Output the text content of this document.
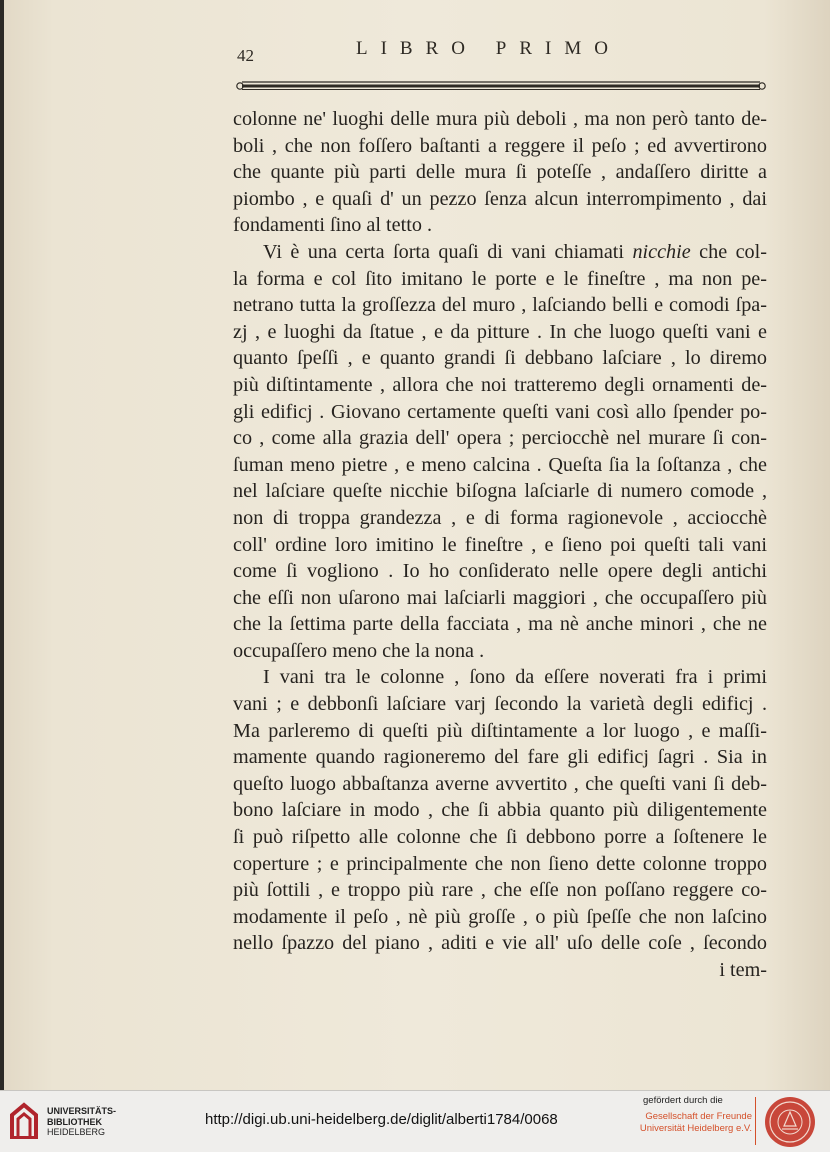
42	LIBRO PRIMO
colonne ne' luoghi delle mura più deboli , ma non però tanto de-
boli , che non foſſero baſtanti a reggere il peſo ; ed avvertirono
che quante più parti delle mura ſi poteſſe , andaſſero diritte a
piombo , e quaſi d' un pezzo ſenza alcun interrompimento , dai
fondamenti ſino al tetto .
Vi è una certa ſorta quaſi di vani chiamati nicchie che col-
la forma e col ſito imitano le porte e le fineſtre , ma non pe-
netrano tutta la groſſezza del muro , laſciando belli e comodi ſpa-
zj , e luoghi da ſtatue , e da pitture . In che luogo queſti vani e
quanto ſpeſſi , e quanto grandi ſi debbano laſciare , lo diremo
più diſtintamente , allora che noi tratteremo degli ornamenti de-
gli edificj . Giovano certamente queſti vani così allo ſpender po-
co , come alla grazia dell' opera ; perciocchè nel murare ſi con-
ſuman meno pietre , e meno calcina . Queſta ſia la ſoſtanza , che
nel laſciare queſte nicchie biſogna laſciarle di numero comode ,
non di troppa grandezza , e di forma ragionevole , acciocchè
coll' ordine loro imitino le fineſtre , e ſieno poi queſti tali vani
come ſi vogliono . Io ho conſiderato nelle opere degli antichi
che eſſi non uſarono mai laſciarli maggiori , che occupaſſero più
che la ſettima parte della facciata , ma nè anche minori , che ne
occupaſſero meno che la nona .
I vani tra le colonne , ſono da eſſere noverati fra i primi
vani ; e debbonſi laſciare varj ſecondo la varietà degli edificj .
Ma parleremo di queſti più diſtintamente a lor luogo , e maſſi-
mamente quando ragioneremo del fare gli edificj ſagri . Sia in
queſto luogo abbaſtanza averne avvertito , che queſti vani ſi deb-
bono laſciare in modo , che ſi abbia quanto più diligentemente
ſi può riſpetto alle colonne che ſi debbono porre a ſoſtenere le
coperture ; e principalmente che non ſieno dette colonne troppo
più ſottili , e troppo più rare , che eſſe non poſſano reggere co-
modamente il peſo , nè più groſſe , o più ſpeſſe che non laſcino
nello ſpazzo del piano , aditi e vie all' uſo delle coſe , ſecondo
i tem-
UNIVERSITÄTS-
BIBLIOTHEK
HEIDELBERG
http://digi.ub.uni-heidelberg.de/diglit/alberti1784/0068
gefördert durch die
Gesellschaft der Freunde
Universität Heidelberg e.V.
